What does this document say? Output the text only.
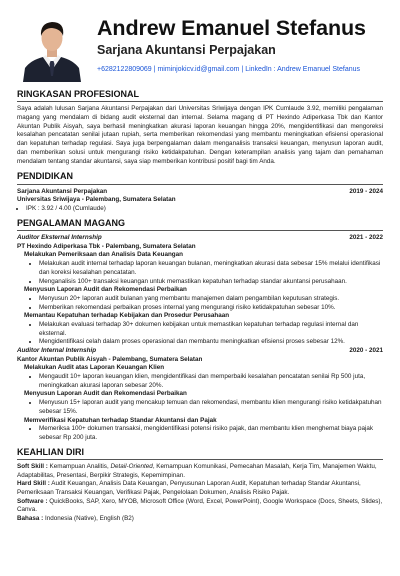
Andrew Emanuel Stefanus
Sarjana Akuntansi Perpajakan
+6282122809069 | miminjokicv.id@gmail.com | LinkedIn : Andrew Emanuel Stefanus
RINGKASAN PROFESIONAL

Saya adalah lulusan Sarjana Akuntansi Perpajakan dari Universitas Sriwijaya dengan IPK Cumlaude 3.92, memiliki pengalaman magang yang mendalam di bidang audit eksternal dan internal. Selama magang di PT Hexindo Adiperkasa Tbk dan Kantor Akuntan Publik Aisyah, saya berhasil meningkatkan akurasi laporan keuangan hingga 20%, mengidentifikasi dan mengoreksi kesalahan pencatatan senilai jutaan rupiah, serta memberikan rekomendasi yang membantu meningkatkan efisiensi operasional dan kepatuhan terhadap regulasi. Saya juga berpengalaman dalam menganalisis transaksi keuangan, menyusun laporan audit, dan memberikan solusi untuk mengurangi risiko ketidakpatuhan. Dengan keterampilan analisis yang tajam dan pemahaman mendalam tentang standar akuntansi, saya siap memberikan kontribusi positif bagi tim Anda.

PENDIDIKAN
Sarjana Akuntansi Perpajakan	2019 - 2024
Universitas Sriwijaya - Palembang, Sumatera Selatan
• IPK : 3.92 / 4.00 (Cumlaude)
PENGALAMAN MAGANG
Auditor Eksternal Internship	2021 - 2022
PT Hexindo Adiperkasa Tbk - Palembang, Sumatera Selatan
Melakukan Pemeriksaan dan Analisis Data Keuangan
• Melakukan audit internal terhadap laporan keuangan bulanan, meningkatkan akurasi data sebesar 15% melalui identifikasi dan koreksi kesalahan pencatatan.
• Menganalisis 100+ transaksi keuangan untuk memastikan kepatuhan terhadap standar akuntansi perusahaan.
Menyusun Laporan Audit dan Rekomendasi Perbaikan
• Menyusun 20+ laporan audit bulanan yang membantu manajemen dalam pengambilan keputusan strategis.
• Memberikan rekomendasi perbaikan proses internal yang mengurangi risiko ketidakpatuhan sebesar 10%.
Memantau Kepatuhan terhadap Kebijakan dan Prosedur Perusahaan
• Melakukan evaluasi terhadap 30+ dokumen kebijakan untuk memastikan kepatuhan terhadap regulasi internal dan eksternal.
• Mengidentifikasi celah dalam proses operasional dan membantu meningkatkan efisiensi proses sebesar 12%.
Auditor Internal Internship	2020 - 2021
Kantor Akuntan Publik Aisyah - Palembang, Sumatera Selatan
Melakukan Audit atas Laporan Keuangan Klien
• Mengaudit 10+ laporan keuangan klien, mengidentifikasi dan memperbaiki kesalahan pencatatan senilai Rp 500 juta, meningkatkan akurasi laporan sebesar 20%.
Menyusun Laporan Audit dan Rekomendasi Perbaikan
• Menyusun 15+ laporan audit yang mencakup temuan dan rekomendasi, membantu klien mengurangi risiko ketidakpatuhan sebesar 15%.
Memverifikasi Kepatuhan terhadap Standar Akuntansi dan Pajak
• Memeriksa 100+ dokumen transaksi, mengidentifikasi potensi risiko pajak, dan membantu klien menghemat biaya pajak sebesar Rp 200 juta.
KEAHLIAN DIRI

Soft Skill : Kemampuan Analitis, Detail-Oriented, Kemampuan Komunikasi, Pemecahan Masalah, Kerja Tim, Manajemen Waktu, Adaptabilitas, Presentasi, Berpikir Strategis, Kepemimpinan.

Hard Skill : Audit Keuangan, Analisis Data Keuangan, Penyusunan Laporan Audit, Kepatuhan terhadap Standar Akuntansi, Pemeriksaan Transaksi Keuangan, Verifikasi Pajak, Pengelolaan Dokumen, Analisis Risiko Pajak.

Software : QuickBooks, SAP, Xero, MYOB, Microsoft Office (Word, Excel, PowerPoint), Google Workspace (Docs, Sheets, Slides), Canva.

Bahasa : Indonesia (Native), English (B2)
